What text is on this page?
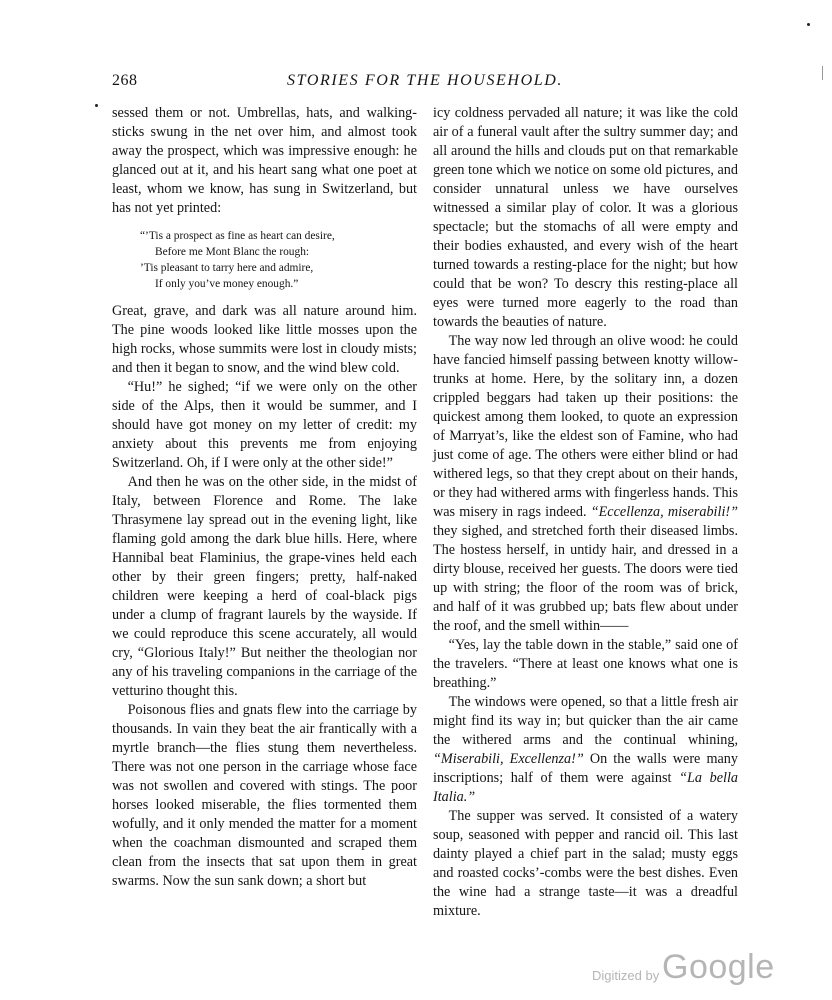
268	STORIES FOR THE HOUSEHOLD.

sessed them or not. Umbrellas, hats, and walking-sticks swung in the net over him, and almost took away the prospect, which was impressive enough: he glanced out at it, and his heart sang what one poet at least, whom we know, has sung in Switzerland, but has not yet printed:

“’Tis a prospect as fine as heart can desire,
Before me Mont Blanc the rough:
’Tis pleasant to tarry here and admire,
If only you’ve money enough.”

Great, grave, and dark was all nature around him. The pine woods looked like little mosses upon the high rocks, whose summits were lost in cloudy mists; and then it began to snow, and the wind blew cold.

“Hu!” he sighed; “if we were only on the other side of the Alps, then it would be summer, and I should have got money on my letter of credit: my anxiety about this prevents me from enjoying Switzerland. Oh, if I were only at the other side!”

And then he was on the other side, in the midst of Italy, between Florence and Rome. The lake Thrasymene lay spread out in the evening light, like flaming gold among the dark blue hills. Here, where Hannibal beat Flaminius, the grape-vines held each other by their green fingers; pretty, half-naked children were keeping a herd of coal-black pigs under a clump of fragrant laurels by the wayside. If we could reproduce this scene accurately, all would cry, “Glorious Italy!” But neither the theologian nor any of his traveling companions in the carriage of the vetturino thought this.

Poisonous flies and gnats flew into the carriage by thousands. In vain they beat the air frantically with a myrtle branch—the flies stung them nevertheless. There was not one person in the carriage whose face was not swollen and covered with stings. The poor horses looked miserable, the flies tormented them wofully, and it only mended the matter for a moment when the coachman dismounted and scraped them clean from the insects that sat upon them in great swarms. Now the sun sank down; a short but

icy coldness pervaded all nature; it was like the cold air of a funeral vault after the sultry summer day; and all around the hills and clouds put on that remarkable green tone which we notice on some old pictures, and consider unnatural unless we have ourselves witnessed a similar play of color. It was a glorious spectacle; but the stomachs of all were empty and their bodies exhausted, and every wish of the heart turned towards a resting-place for the night; but how could that be won? To descry this resting-place all eyes were turned more eagerly to the road than towards the beauties of nature.

The way now led through an olive wood: he could have fancied himself passing between knotty willow-trunks at home. Here, by the solitary inn, a dozen crippled beggars had taken up their positions: the quickest among them looked, to quote an expression of Marryat’s, like the eldest son of Famine, who had just come of age. The others were either blind or had withered legs, so that they crept about on their hands, or they had withered arms with fingerless hands. This was misery in rags indeed. “Eccellenza, miserabili!” they sighed, and stretched forth their diseased limbs. The hostess herself, in untidy hair, and dressed in a dirty blouse, received her guests. The doors were tied up with string; the floor of the room was of brick, and half of it was grubbed up; bats flew about under the roof, and the smell within——

“Yes, lay the table down in the stable,” said one of the travelers. “There at least one knows what one is breathing.”

The windows were opened, so that a little fresh air might find its way in; but quicker than the air came the withered arms and the continual whining, “Miserabili, Excellenza!” On the walls were many inscriptions; half of them were against “La bella Italia.”

The supper was served. It consisted of a watery soup, seasoned with pepper and rancid oil. This last dainty played a chief part in the salad; musty eggs and roasted cocks’-combs were the best dishes. Even the wine had a strange taste—it was a dreadful mixture.

Digitized by Google
